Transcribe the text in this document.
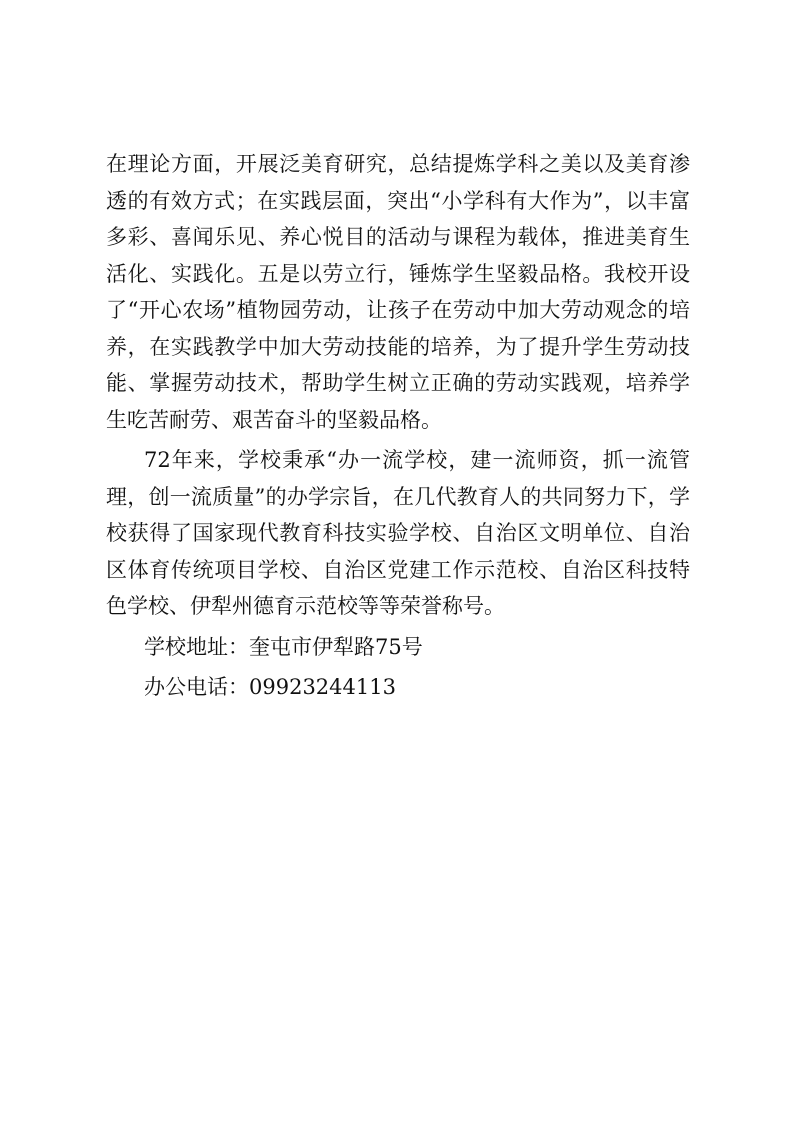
在理论方面，开展泛美育研究，总结提炼学科之美以及美育渗透的有效方式；在实践层面，突出“小学科有大作为”，以丰富多彩、喜闻乐见、养心悦目的活动与课程为载体，推进美育生活化、实践化。五是以劳立行，锤炼学生坚毅品格。我校开设了“开心农场”植物园劳动，让孩子在劳动中加大劳动观念的培养，在实践教学中加大劳动技能的培养，为了提升学生劳动技能、掌握劳动技术，帮助学生树立正确的劳动实践观，培养学生吃苦耐劳、艰苦奋斗的坚毅品格。

72年来，学校秉承“办一流学校，建一流师资，抓一流管理，创一流质量”的办学宗旨，在几代教育人的共同努力下，学校获得了国家现代教育科技实验学校、自治区文明单位、自治区体育传统项目学校、自治区党建工作示范校、自治区科技特色学校、伊犁州德育示范校等等荣誉称号。

学校地址：奎屯市伊犁路75号

办公电话：09923244113
